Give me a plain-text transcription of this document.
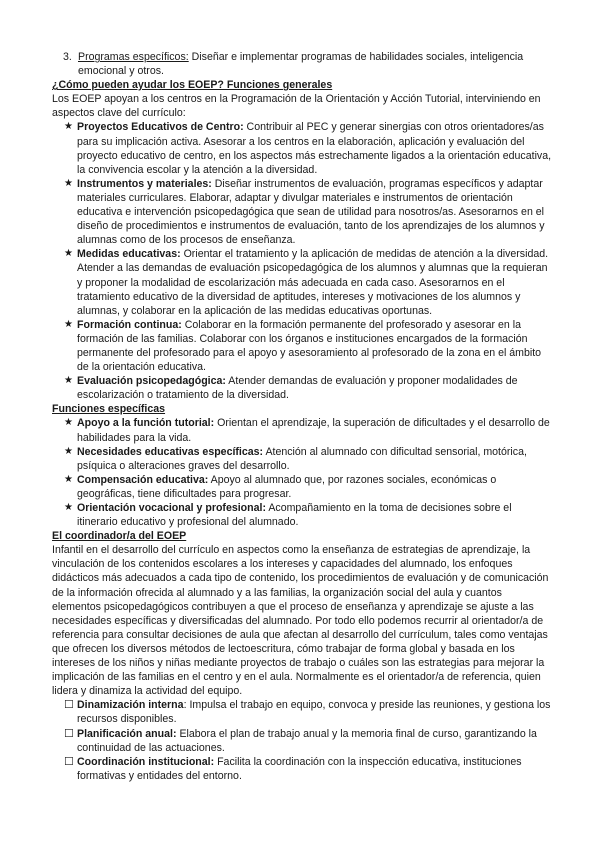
3. Programas específicos: Diseñar e implementar programas de habilidades sociales, inteligencia emocional y otros.
¿Cómo pueden ayudar los EOEP? Funciones generales

Los EOEP apoyan a los centros en la Programación de la Orientación y Acción Tutorial, interviniendo en aspectos clave del currículo:

★ Proyectos Educativos de Centro: Contribuir al PEC y generar sinergias con otros orientadores/as para su implicación activa. Asesorar a los centros en la elaboración, aplicación y evaluación del proyecto educativo de centro, en los aspectos más estrechamente ligados a la orientación educativa, la convivencia escolar y la atención a la diversidad.
★ Instrumentos y materiales: Diseñar instrumentos de evaluación, programas específicos y adaptar materiales curriculares. Elaborar, adaptar y divulgar materiales e instrumentos de orientación educativa e intervención psicopedagógica que sean de utilidad para nosotros/as. Asesorarnos en el diseño de procedimientos e instrumentos de evaluación, tanto de los aprendizajes de los alumnos y alumnas como de los procesos de enseñanza.
★ Medidas educativas: Orientar el tratamiento y la aplicación de medidas de atención a la diversidad. Atender a las demandas de evaluación psicopedagógica de los alumnos y alumnas que la requieran y proponer la modalidad de escolarización más adecuada en cada caso. Asesorarnos en el tratamiento educativo de la diversidad de aptitudes, intereses y motivaciones de los alumnos y alumnas, y colaborar en la aplicación de las medidas educativas oportunas.
★ Formación continua: Colaborar en la formación permanente del profesorado y asesorar en la formación de las familias. Colaborar con los órganos e instituciones encargados de la formación permanente del profesorado para el apoyo y asesoramiento al profesorado de la zona en el ámbito de la orientación educativa.
★ Evaluación psicopedagógica: Atender demandas de evaluación y proponer modalidades de escolarización o tratamiento de la diversidad.
Funciones específicas
★ Apoyo a la función tutorial: Orientan el aprendizaje, la superación de dificultades y el desarrollo de habilidades para la vida.
★ Necesidades educativas específicas: Atención al alumnado con dificultad sensorial, motórica, psíquica o alteraciones graves del desarrollo.
★ Compensación educativa: Apoyo al alumnado que, por razones sociales, económicas o geográficas, tiene dificultades para progresar.
★ Orientación vocacional y profesional: Acompañamiento en la toma de decisiones sobre el itinerario educativo y profesional del alumnado.
El coordinador/a del EOEP

Infantil en el desarrollo del currículo en aspectos como la enseñanza de estrategias de aprendizaje, la vinculación de los contenidos escolares a los intereses y capacidades del alumnado, los enfoques didácticos más adecuados a cada tipo de contenido, los procedimientos de evaluación y de comunicación de la información ofrecida al alumnado y a las familias, la organización social del aula y cuantos elementos psicopedagógicos contribuyen a que el proceso de enseñanza y aprendizaje se ajuste a las necesidades específicas y diversificadas del alumnado. Por todo ello podemos recurrir al orientador/a de referencia para consultar decisiones de aula que afectan al desarrollo del currículum, tales como ventajas que ofrecen los diversos métodos de lectoescritura, cómo trabajar de forma global y basada en los intereses de los niños y niñas mediante proyectos de trabajo o cuáles son las estrategias para mejorar la implicación de las familias en el centro y en el aula. Normalmente es el orientador/a de referencia, quien lidera y dinamiza la actividad del equipo.

☐ Dinamización interna: Impulsa el trabajo en equipo, convoca y preside las reuniones, y gestiona los recursos disponibles.
☐ Planificación anual: Elabora el plan de trabajo anual y la memoria final de curso, garantizando la continuidad de las actuaciones.
☐ Coordinación institucional: Facilita la coordinación con la inspección educativa, instituciones formativas y entidades del entorno.
